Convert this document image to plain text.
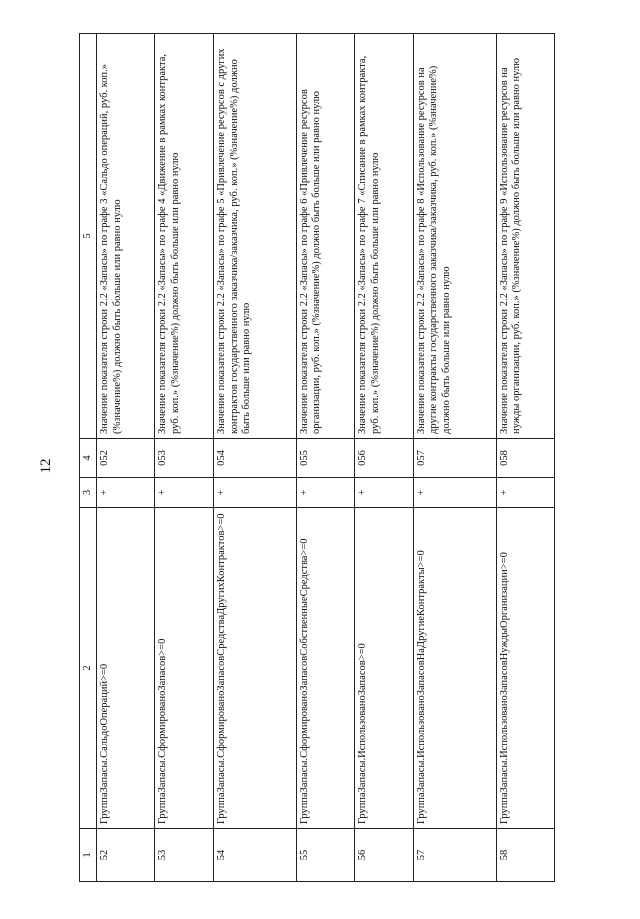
12
1	2	3	4	5
52	ГруппаЗапасы.СальдоОпераций>=0	+	052	Значение показателя строки 2.2 «Запасы» по графе 3 «Сальдо операций, руб. коп.» (%значение%) должно быть больше или равно нулю
53	ГруппаЗапасы.СформированоЗапасов>=0	+	053	Значение показателя строки 2.2 «Запасы» по графе 4 «Движение в рамках контракта, руб. коп.» (%значение%) должно быть больше или равно нулю
54	ГруппаЗапасы.СформированоЗапасовСредстваДругихКонтрактов>=0	+	054	Значение показателя строки 2.2 «Запасы» по графе 5 «Привлечение ресурсов с других контрактов государственного заказчика/заказчика, руб. коп.» (%значение%) должно быть больше или равно нулю
55	ГруппаЗапасы.СформированоЗапасовСобственныеСредства>=0	+	055	Значение показателя строки 2.2 «Запасы» по графе 6 «Привлечение ресурсов организации, руб. коп.» (%значение%) должно быть больше или равно нулю
56	ГруппаЗапасы.ИспользованоЗапасов>=0	+	056	Значение показателя строки 2.2 «Запасы» по графе 7 «Списание в рамках контракта, руб. коп.» (%значение%) должно быть больше или равно нулю
57	ГруппаЗапасы.ИспользованоЗапасовНаДругиеКонтракты>=0	+	057	Значение показателя строки 2.2 «Запасы» по графе 8 «Использование ресурсов на другие контракты государственного заказчика/заказчика, руб. коп.» (%значение%) должно быть больше или равно нулю
58	ГруппаЗапасы.ИспользованоЗапасовНуждыОрганизации>=0	+	058	Значение показателя строки 2.2 «Запасы» по графе 9 «Использование ресурсов на нужды организации, руб. коп.» (%значение%) должно быть больше или равно нулю
